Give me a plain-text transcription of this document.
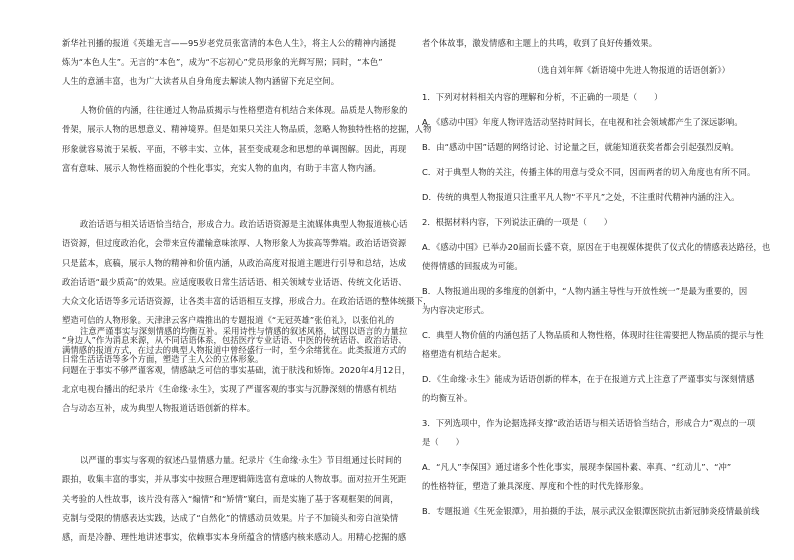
新华社刊播的报道《英雄无言——95岁老党员张富清的本色人生》，将主人公的精神内涵提

炼为“本色人生”。无言的“本色”，成为“不忘初心”党员形象的光辉写照；同时，“本色”

人生的意涵丰富，也为广大读者从自身角度去解读人物内涵留下充足空间。

人物价值的内涵，往往通过人物品质揭示与性格塑造有机结合来体现。品质是人物形象的

骨架，展示人物的思想意义、精神境界。但是如果只关注人物品质，忽略人物独特性格的挖掘，人物

形象就容易流于呆板、平面，不够丰实、立体，甚至变成观念和思想的单调图解。因此，再现

富有意味、展示人物性格面貌的个性化事实，充实人物的血肉，有助于丰富人物内涵。

政治话语与相关话语恰当结合，形成合力。政治话语资源是主流媒体典型人物报道核心话

语资源，但过度政治化，会带来宣传灌输意味浓厚、人物形象人为拔高等弊端。政治话语资源

只是蓝本，底稿，展示人物的精神和价值内涵，从政治高度对报道主题进行引导和总结，达成

政治话语“最少质高”的效果。应适度吸收日常生活话语、相关领域专业话语、传统文化话语、

大众文化话语等多元话语资源，让各类丰富的话语相互支撑，形成合力。在政治话语的整体统摄下，

塑造可信的人物形象。天津津云客户端推出的专题报道《“无冠英雄”张伯礼》，以张伯礼的

“身边人”作为消息来源，从不同话语体系，包括医疗专业话语、中医的传统话语、政治话语、

日常生活话语等多个方面，塑造了主人公的立体形象。

注意严谨事实与深刻情感的均衡互补。采用诗性与情感的叙述风格，试图以语言的力量拉

满情感的报道方式，在过去的典型人物报道中曾经盛行一时，至今余绪犹在。此类报道方式的

问题在于事实不够严谨客观，情感缺乏可信的事实基础，流于肤浅和矫饰。2020年4月12日，

北京电视台播出的纪录片《生命缘·永生》，实现了严谨客观的事实与沉静深刻的情感有机结

合与动态互补，成为典型人物报道话语创新的样本。

以严谨的事实与客观的叙述凸显情感力量。纪录片《生命缘·永生》节目组通过长时间的

跟拍，收集丰富的事实，并从事实中按照合理逻辑筛选富有意味的人物故事。面对拉开生死距

关考验的人性故事，该片没有落入“煽情”和“矫情”窠臼，而是实施了基于客观框架的间离，

克制与受限的情感表达实践，达成了“自然化”的情感动员效果。片子不加镜头和旁白渲染情

感，而是冷静、理性地讲述事实，依赖事实本身所蕴含的情感内核来感动人。用精心挖掘的感

者个体故事，激发情感和主题上的共鸣，收到了良好传播效果。

（选自刘年辉《新语境中先进人物报道的话语创新》）

1．下列对材料相关内容的理解和分析，不正确的一项是（　　）

A．《感动中国》年度人物评选活动坚持时间长，在电视和社会领域都产生了深远影响。

B．由“感动中国”话题的网络讨论、讨论量之巨，就能知道获奖者都会引起强烈反响。

C．对于典型人物的关注，传播主体的用意与受众不同，因而两者的切入角度也有所不同。

D．传统的典型人物报道只注重平凡人物“不平凡”之处，不注重时代精神内涵的注入。

2．根据材料内容，下列说法正确的一项是（　　）

A．《感动中国》已举办20届而长盛不衰，原因在于电视媒体提供了仪式化的情感表达路径，也

使得情感的回报成为可能。

B．人物报道出现的多维度的创新中，“人物内涵主导性与开放性统一”是最为重要的，因

为内容决定形式。

C．典型人物价值的内涵包括了人物品质和人物性格，体现时往往需要把人物品质的提示与性

格塑造有机结合起来。

D．《生命缘·永生》能成为话语创新的样本，在于在报道方式上注意了严谨事实与深刻情感

的均衡互补。

3．下列选项中，作为论据选择支撑“政治话语与相关话语恰当结合，形成合力”观点的一项

是（　　）

A．“凡人”李保国》通过诸多个性化事实，展现李保国朴素、率真、“红动儿”、“冲”

的性格特征，塑造了兼具深度、厚度和个性的时代先锋形象。

B．专题报道《生死金银潭》，用拍摄的手法，展示武汉金银潭医院抗击新冠肺炎疫情最前线
